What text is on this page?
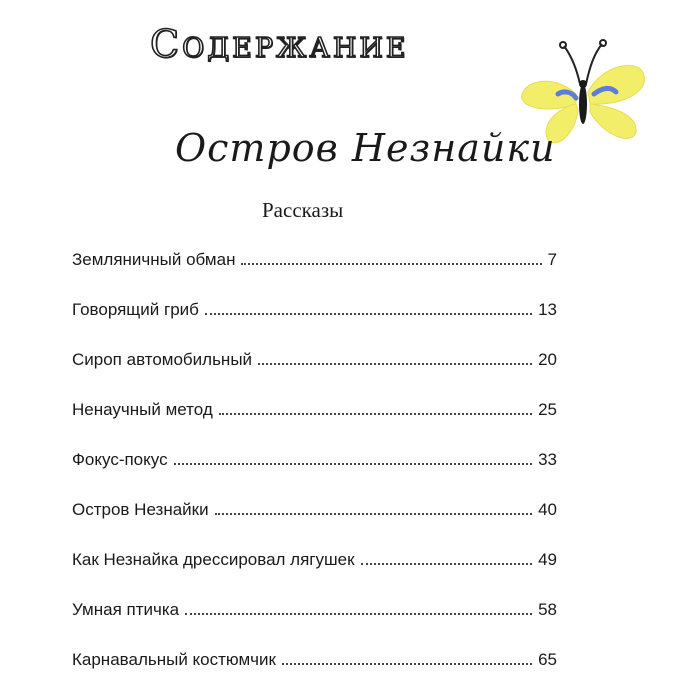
Содержание
Остров Незнайки
Рассказы
Земляничный обман	7
Говорящий гриб	13
Сироп автомобильный	20
Ненаучный метод	25
Фокус-покус	33
Остров Незнайки	40
Как Незнайка дрессировал лягушек	49
Умная птичка	58
Карнавальный костюмчик	65
